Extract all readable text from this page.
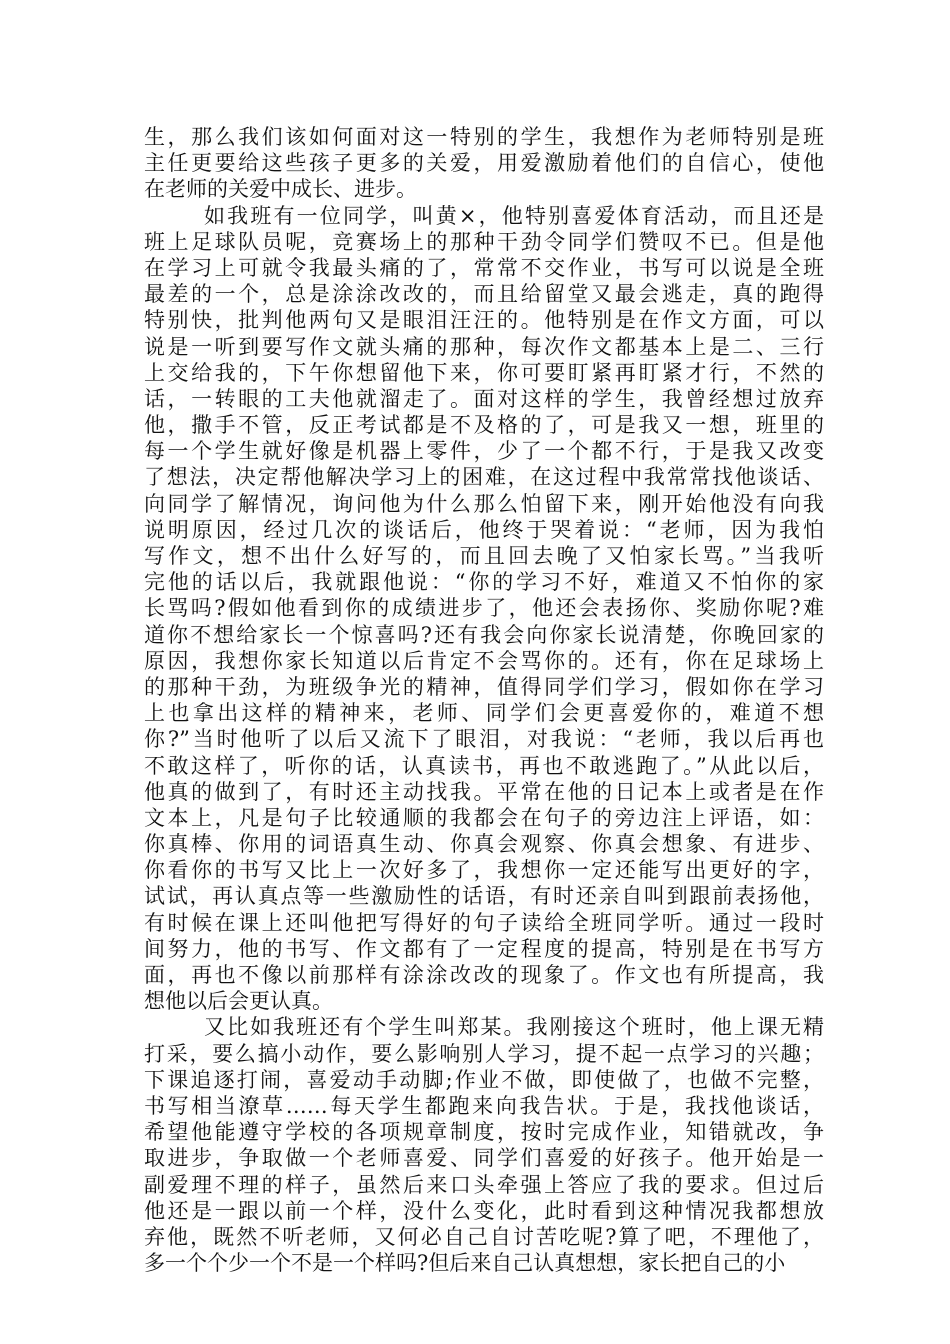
生，那么我们该如何面对这一特别的学生，我想作为老师特别是班
主任更要给这些孩子更多的关爱，用爱激励着他们的自信心，使他
在老师的关爱中成长、进步。
如我班有一位同学，叫黄×，他特别喜爱体育活动，而且还是
班上足球队员呢，竞赛场上的那种干劲令同学们赞叹不已。但是他
在学习上可就令我最头痛的了，常常不交作业，书写可以说是全班
最差的一个，总是涂涂改改的，而且给留堂又最会逃走，真的跑得
特别快，批判他两句又是眼泪汪汪的。他特别是在作文方面，可以
说是一听到要写作文就头痛的那种，每次作文都基本上是二、三行
上交给我的，下午你想留他下来，你可要盯紧再盯紧才行，不然的
话，一转眼的工夫他就溜走了。面对这样的学生，我曾经想过放弃
他，撒手不管，反正考试都是不及格的了，可是我又一想，班里的
每一个学生就好像是机器上零件，少了一个都不行，于是我又改变
了想法，决定帮他解决学习上的困难，在这过程中我常常找他谈话、
向同学了解情况，询问他为什么那么怕留下来，刚开始他没有向我
说明原因，经过几次的谈话后，他终于哭着说：“老师，因为我怕
写作文，想不出什么好写的，而且回去晚了又怕家长骂。”当我听
完他的话以后，我就跟他说：“你的学习不好，难道又不怕你的家
长骂吗?假如他看到你的成绩进步了，他还会表扬你、奖励你呢?难
道你不想给家长一个惊喜吗?还有我会向你家长说清楚，你晚回家的
原因，我想你家长知道以后肯定不会骂你的。还有，你在足球场上
的那种干劲，为班级争光的精神，值得同学们学习，假如你在学习
上也拿出这样的精神来，老师、同学们会更喜爱你的，难道不想
你?”当时他听了以后又流下了眼泪，对我说：“老师，我以后再也
不敢这样了，听你的话，认真读书，再也不敢逃跑了。”从此以后，
他真的做到了，有时还主动找我。平常在他的日记本上或者是在作
文本上，凡是句子比较通顺的我都会在句子的旁边注上评语，如：
你真棒、你用的词语真生动、你真会观察、你真会想象、有进步、
你看你的书写又比上一次好多了，我想你一定还能写出更好的字，
试试，再认真点等一些激励性的话语，有时还亲自叫到跟前表扬他，
有时候在课上还叫他把写得好的句子读给全班同学听。通过一段时
间努力，他的书写、作文都有了一定程度的提高，特别是在书写方
面，再也不像以前那样有涂涂改改的现象了。作文也有所提高，我
想他以后会更认真。
又比如我班还有个学生叫郑某。我刚接这个班时，他上课无精
打采，要么搞小动作，要么影响别人学习，提不起一点学习的兴趣；
下课追逐打闹，喜爱动手动脚;作业不做，即使做了，也做不完整，
书写相当潦草……每天学生都跑来向我告状。于是，我找他谈话，
希望他能遵守学校的各项规章制度，按时完成作业，知错就改，争
取进步，争取做一个老师喜爱、同学们喜爱的好孩子。他开始是一
副爱理不理的样子，虽然后来口头牵强上答应了我的要求。但过后
他还是一跟以前一个样，没什么变化，此时看到这种情况我都想放
弃他，既然不听老师，又何必自己自讨苦吃呢?算了吧，不理他了，
多一个个少一个不是一个样吗?但后来自己认真想想，家长把自己的小
